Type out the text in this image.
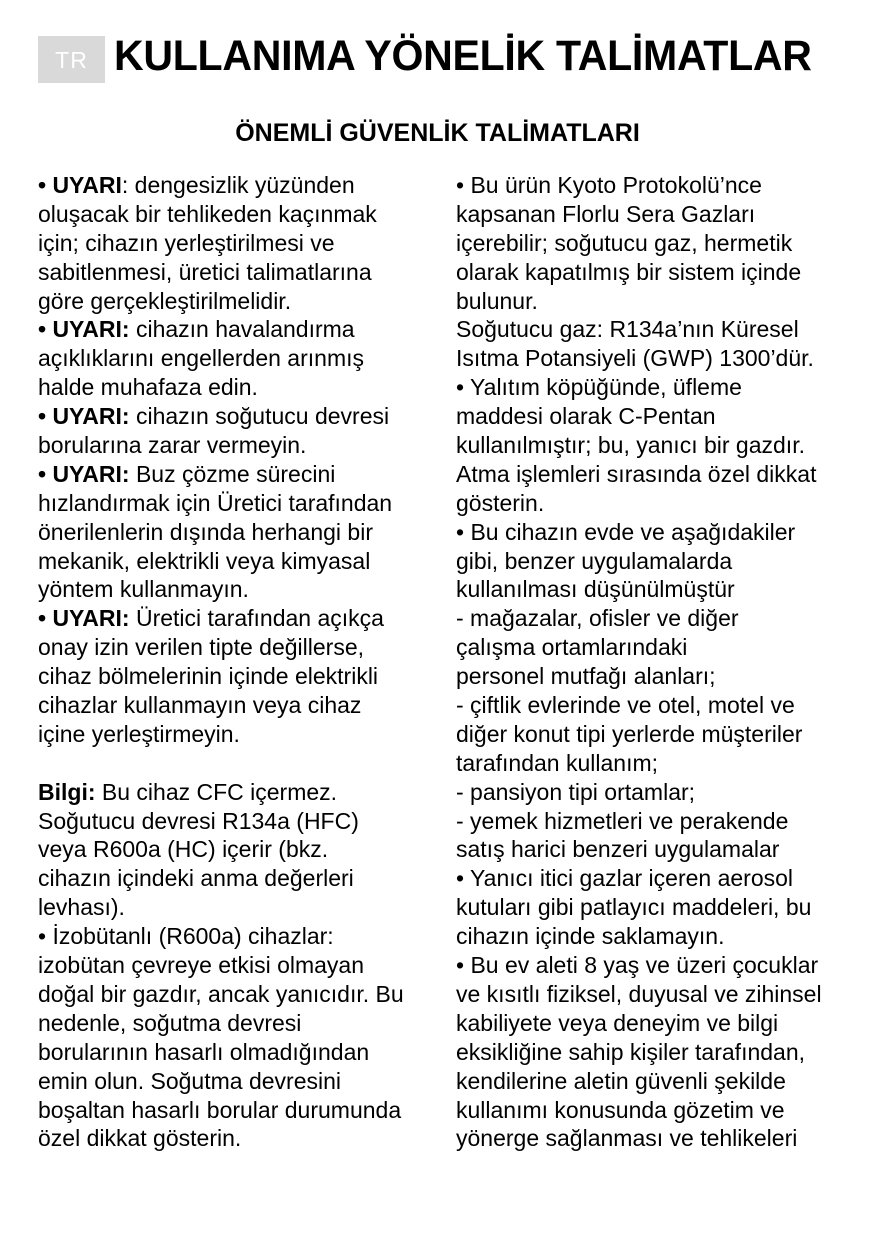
TR KULLANIMA YÖNELİK TALİMATLAR
ÖNEMLİ GÜVENLİK TALİMATLARI
• UYARI: dengesizlik yüzünden
oluşacak bir tehlikeden kaçınmak
için; cihazın yerleştirilmesi ve
sabitlenmesi, üretici talimatlarına
göre gerçekleştirilmelidir.
• UYARI: cihazın havalandırma
açıklıklarını engellerden arınmış
halde muhafaza edin.
• UYARI: cihazın soğutucu devresi
borularına zarar vermeyin.
• UYARI: Buz çözme sürecini
hızlandırmak için Üretici tarafından
önerilenlerin dışında herhangi bir
mekanik, elektrikli veya kimyasal
yöntem kullanmayın.
• UYARI: Üretici tarafından açıkça
onay izin verilen tipte değillerse,
cihaz bölmelerinin içinde elektrikli
cihazlar kullanmayın veya cihaz
içine yerleştirmeyin.
Bilgi: Bu cihaz CFC içermez.
Soğutucu devresi R134a (HFC)
veya R600a (HC) içerir (bkz.
cihazın içindeki anma değerleri
levhası).
• İzobütanlı (R600a) cihazlar:
izobütan çevreye etkisi olmayan
doğal bir gazdır, ancak yanıcıdır. Bu
nedenle, soğutma devresi
borularının hasarlı olmadığından
emin olun. Soğutma devresini
boşaltan hasarlı borular durumunda
özel dikkat gösterin.
• Bu ürün Kyoto Protokolü’nce
kapsanan Florlu Sera Gazları
içerebilir; soğutucu gaz, hermetik
olarak kapatılmış bir sistem içinde
bulunur.
Soğutucu gaz: R134a’nın Küresel
Isıtma Potansiyeli (GWP) 1300’dür.
• Yalıtım köpüğünde, üfleme
maddesi olarak C-Pentan
kullanılmıştır; bu, yanıcı bir gazdır.
Atma işlemleri sırasında özel dikkat
gösterin.
• Bu cihazın evde ve aşağıdakiler
gibi, benzer uygulamalarda
kullanılması düşünülmüştür
- mağazalar, ofisler ve diğer
çalışma ortamlarındaki
personel mutfağı alanları;
- çiftlik evlerinde ve otel, motel ve
diğer konut tipi yerlerde müşteriler
tarafından kullanım;
- pansiyon tipi ortamlar;
- yemek hizmetleri ve perakende
satış harici benzeri uygulamalar
• Yanıcı itici gazlar içeren aerosol
kutuları gibi patlayıcı maddeleri, bu
cihazın içinde saklamayın.
• Bu ev aleti 8 yaş ve üzeri çocuklar
ve kısıtlı fiziksel, duyusal ve zihinsel
kabiliyete veya deneyim ve bilgi
eksikliğine sahip kişiler tarafından,
kendilerine aletin güvenli şekilde
kullanımı konusunda gözetim ve
yönerge sağlanması ve tehlikeleri
